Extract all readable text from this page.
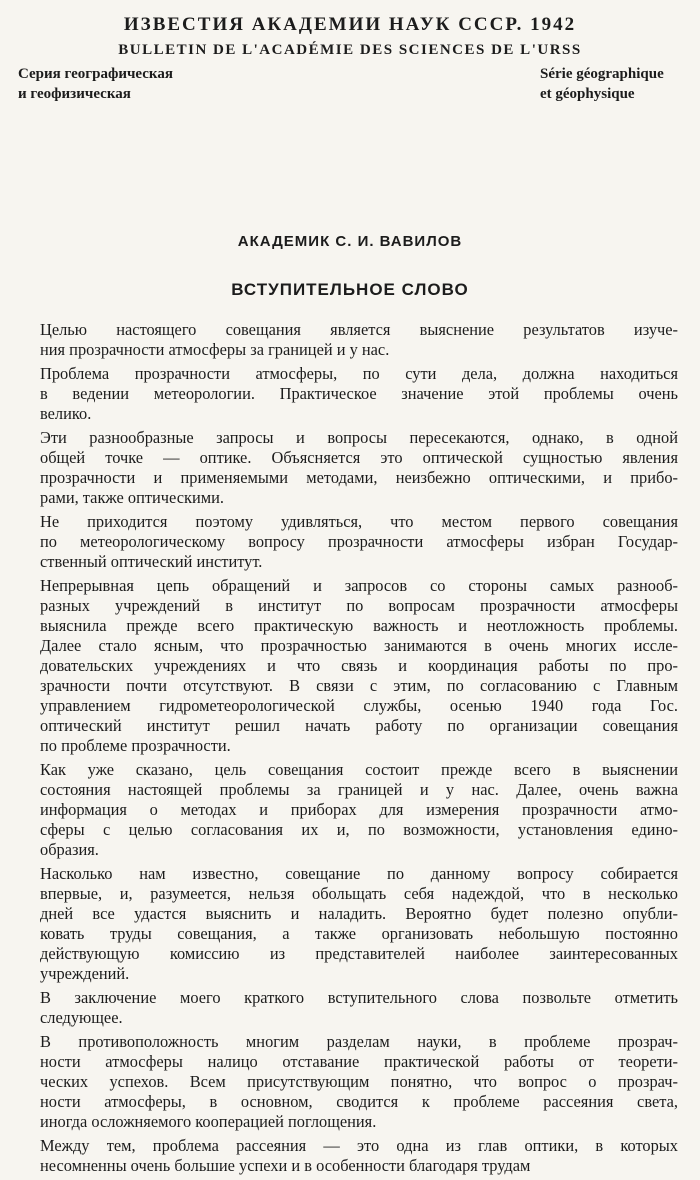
ИЗВЕСТИЯ АКАДЕМИИ НАУК СССР. 1942
BULLETIN DE L'ACADÉMIE DES SCIENCES DE L'URSS
Серия географическая
и геофизическая
Série géographique
et géophysique
АКАДЕМИК С. И. ВАВИЛОВ
ВСТУПИТЕЛЬНОЕ СЛОВО
Целью настоящего совещания является выяснение результатов изуче-
ния прозрачности атмосферы за границей и у нас.
Проблема прозрачности атмосферы, по сути дела, должна находиться
в ведении метеорологии. Практическое значение этой проблемы очень
велико.
Эти разнообразные запросы и вопросы пересекаются, однако, в одной
общей точке — оптике. Объясняется это оптической сущностью явления
прозрачности и применяемыми методами, неизбежно оптическими, и прибо-
рами, также оптическими.
Не приходится поэтому удивляться, что местом первого совещания
по метеорологическому вопросу прозрачности атмосферы избран Государ-
ственный оптический институт.
Непрерывная цепь обращений и запросов со стороны самых разнооб-
разных учреждений в институт по вопросам прозрачности атмосферы
выяснила прежде всего практическую важность и неотложность проблемы.
Далее стало ясным, что прозрачностью занимаются в очень многих иссле-
довательских учреждениях и что связь и координация работы по про-
зрачности почти отсутствуют. В связи с этим, по согласованию с Главным
управлением гидрометеорологической службы, осенью 1940 года Гос.
оптический институт решил начать работу по организации совещания
по проблеме прозрачности.
Как уже сказано, цель совещания состоит прежде всего в выяснении
состояния настоящей проблемы за границей и у нас. Далее, очень важна
информация о методах и приборах для измерения прозрачности атмо-
сферы с целью согласования их и, по возможности, установления едино-
образия.
Насколько нам известно, совещание по данному вопросу собирается
впервые, и, разумеется, нельзя обольщать себя надеждой, что в несколько
дней все удастся выяснить и наладить. Вероятно будет полезно опубли-
ковать труды совещания, а также организовать небольшую постоянно
действующую комиссию из представителей наиболее заинтересованных
учреждений.
В заключение моего краткого вступительного слова позвольте отметить
следующее.
В противоположность многим разделам науки, в проблеме прозрач-
ности атмосферы налицо отставание практической работы от теорети-
ческих успехов. Всем присутствующим понятно, что вопрос о прозрач-
ности атмосферы, в основном, сводится к проблеме рассеяния света,
иногда осложняемого кооперацией поглощения.
Между тем, проблема рассеяния — это одна из глав оптики, в которых
несомненны очень большие успехи и в особенности благодаря трудам
